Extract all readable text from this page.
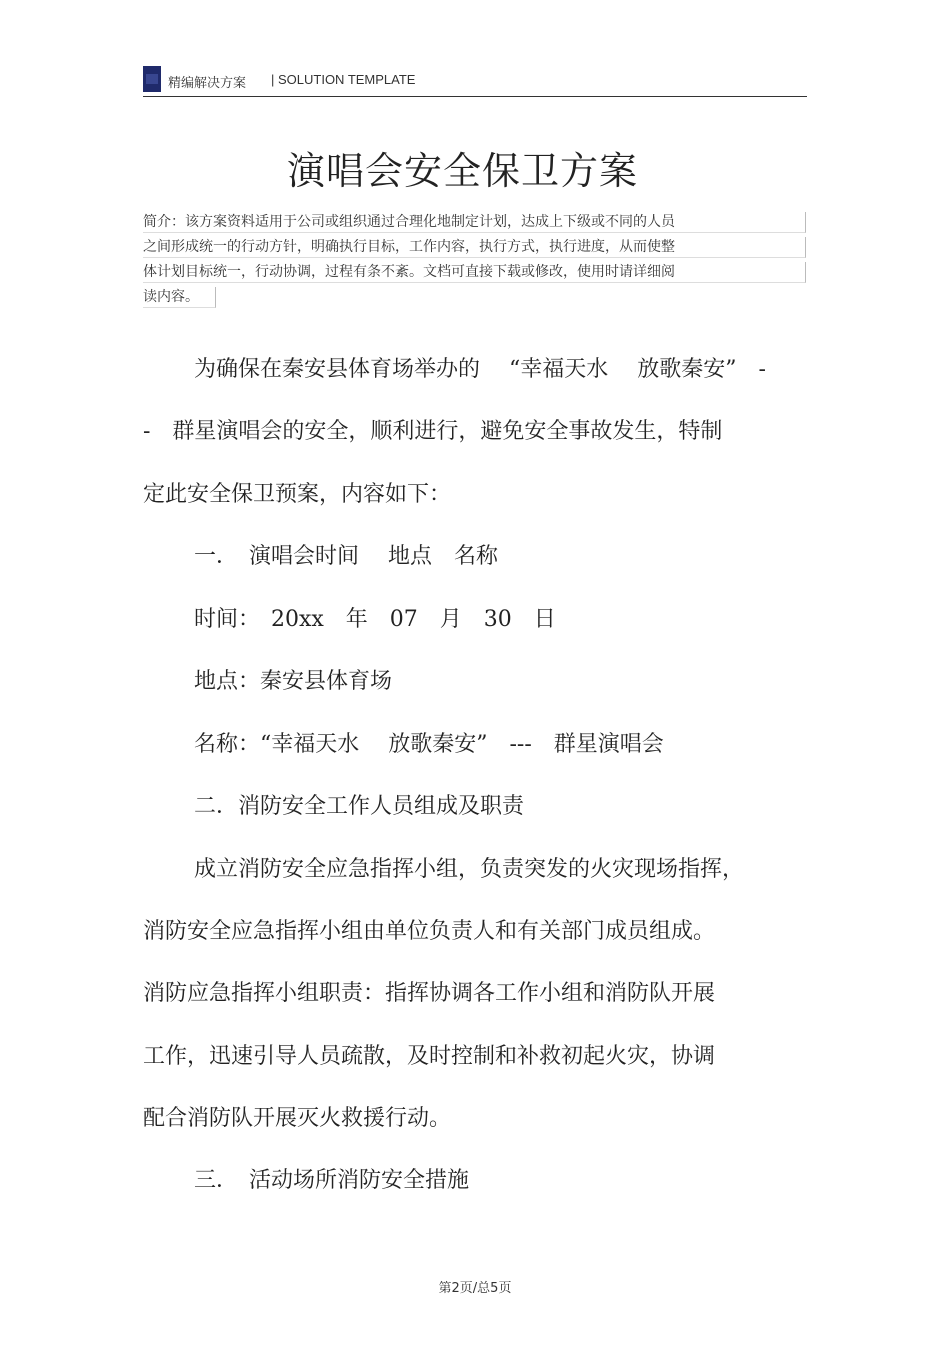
精编解决方案 | SOLUTION TEMPLATE
演唱会安全保卫方案
简介：该方案资料适用于公司或组织通过合理化地制定计划，达成上下级或不同的人员
之间形成统一的行动方针，明确执行目标，工作内容，执行方式，执行进度，从而使整
体计划目标统一，行动协调，过程有条不紊。文档可直接下载或修改，使用时请详细阅
读内容。
为确保在秦安县体育场举办的　 “幸福天水　 放歌秦安”　-
-　群星演唱会的安全，顺利进行，避免安全事故发生，特制
定此安全保卫预案，内容如下：
一．　演唱会时间　 地点　名称
时间：　20xx　年　07　月　30　日
地点：秦安县体育场
名称：“幸福天水　 放歌秦安”　---　群星演唱会
二．消防安全工作人员组成及职责
成立消防安全应急指挥小组，负责突发的火灾现场指挥，
消防安全应急指挥小组由单位负责人和有关部门成员组成。
消防应急指挥小组职责：指挥协调各工作小组和消防队开展
工作，迅速引导人员疏散，及时控制和补救初起火灾，协调
配合消防队开展灭火救援行动。
三．　活动场所消防安全措施
第2页/总5页
